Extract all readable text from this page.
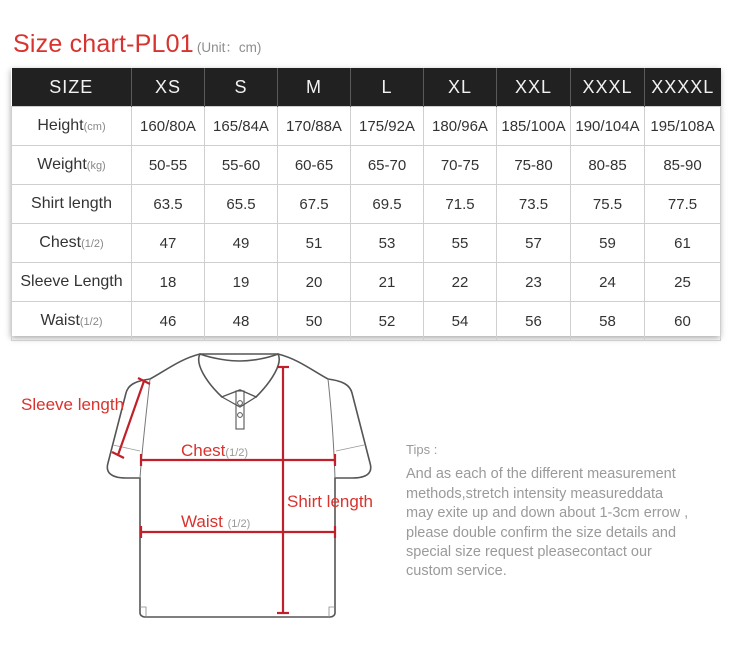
Size chart-PL01 (Unit：cm)
SIZE	XS	S	M	L	XL	XXL	XXXL	XXXXL
Height(cm)	160/80A	165/84A	170/88A	175/92A	180/96A	185/100A	190/104A	195/108A
Weight(kg)	50-55	55-60	60-65	65-70	70-75	75-80	80-85	85-90
Shirt length	63.5	65.5	67.5	69.5	71.5	73.5	75.5	77.5
Chest(1/2)	47	49	51	53	55	57	59	61
Sleeve Length	18	19	20	21	22	23	24	25
Waist(1/2)	46	48	50	52	54	56	58	60
Sleeve length
Chest(1/2)
Waist (1/2)
Shirt length
Tips :
And as each of the different measurement
methods,stretch intensity measureddata
may exite up and down about 1-3cm errow ,
please double confirm the size details and
special size request pleasecontact our
custom service.
